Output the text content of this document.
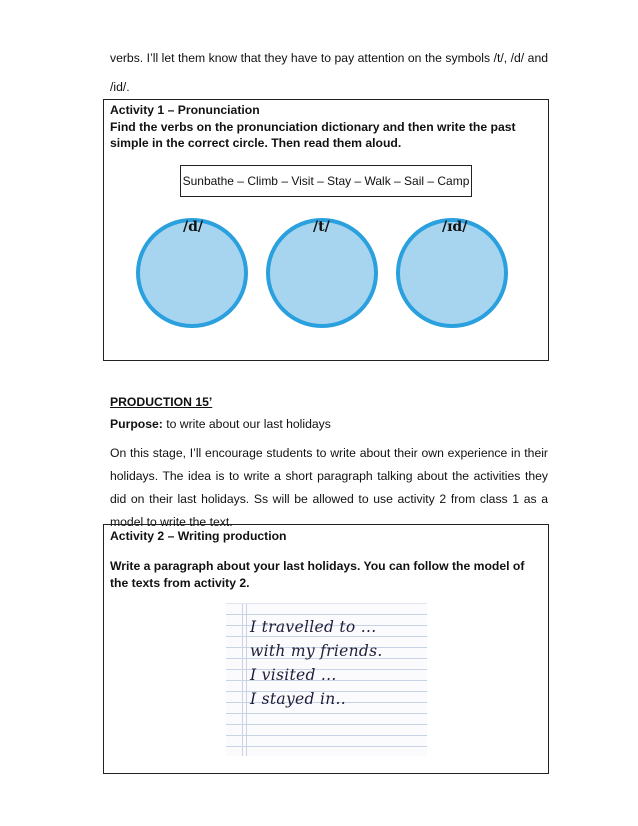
verbs. I’ll let them know that they have to pay attention on the symbols /t/, /d/ and
/id/.
Activity 1 – Pronunciation
Find the verbs on the pronunciation dictionary and then write the past simple in the correct circle. Then read them aloud.
Sunbathe – Climb – Visit – Stay – Walk – Sail – Camp
/d/	/t/	/ɪd/
PRODUCTION 15’
Purpose: to write about our last holidays
On this stage, I’ll encourage students to write about their own experience in their holidays. The idea is to write a short paragraph talking about the activities they did on their last holidays. Ss will be allowed to use activity 2 from class 1 as a model to write the text.
Activity 2 – Writing production
Write a paragraph about your last holidays. You can follow the model of the texts from activity 2.
I travelled to ...
with my friends.
I visited ...
I stayed in..
